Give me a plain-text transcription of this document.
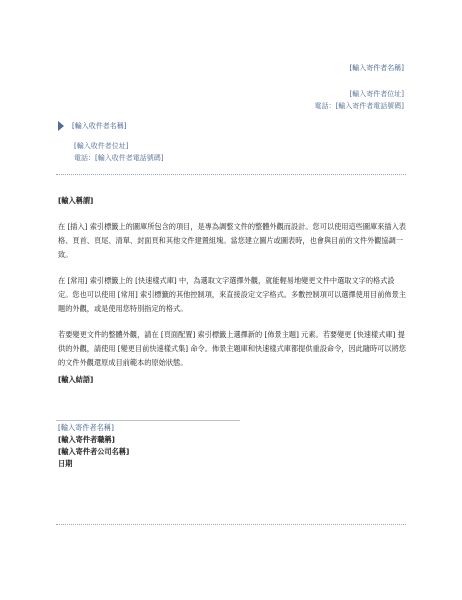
[輸入寄件者名稱]
[輸入寄件者位址]
電話：[輸入寄件者電話號碼]
[輸入收件者名稱]
[輸入收件者位址]
電話：[輸入收件者電話號碼]
[輸入稱謂]
在 [插入] 索引標籤上的圖庫所包含的項目，是專為調整文件的整體外觀而設計。您可以使用這些圖庫來插入表格、頁首、頁尾、清單、封面頁和其他文件建置組塊。當您建立圖片或圖表時，也會與目前的文件外觀協調一致。
在 [常用] 索引標籤上的 [快速樣式庫] 中，為選取文字選擇外觀，就能輕易地變更文件中選取文字的格式設定。您也可以使用 [常用] 索引標籤的其他控制項，來直接設定文字格式。多數控制項可以選擇使用目前佈景主題的外觀，或是使用您特別指定的格式。
若要變更文件的整體外觀，請在 [頁面配置] 索引標籤上選擇新的 [佈景主題] 元素。若要變更 [快速樣式庫] 提供的外觀，請使用 [變更目前快速樣式集] 命令。佈景主題庫和快速樣式庫都提供重設命令，因此隨時可以將您的文件外觀還原成目前範本的原始狀態。
[輸入結語]
[輸入寄件者名稱]
[輸入寄件者職稱]
[輸入寄件者公司名稱]
日期
